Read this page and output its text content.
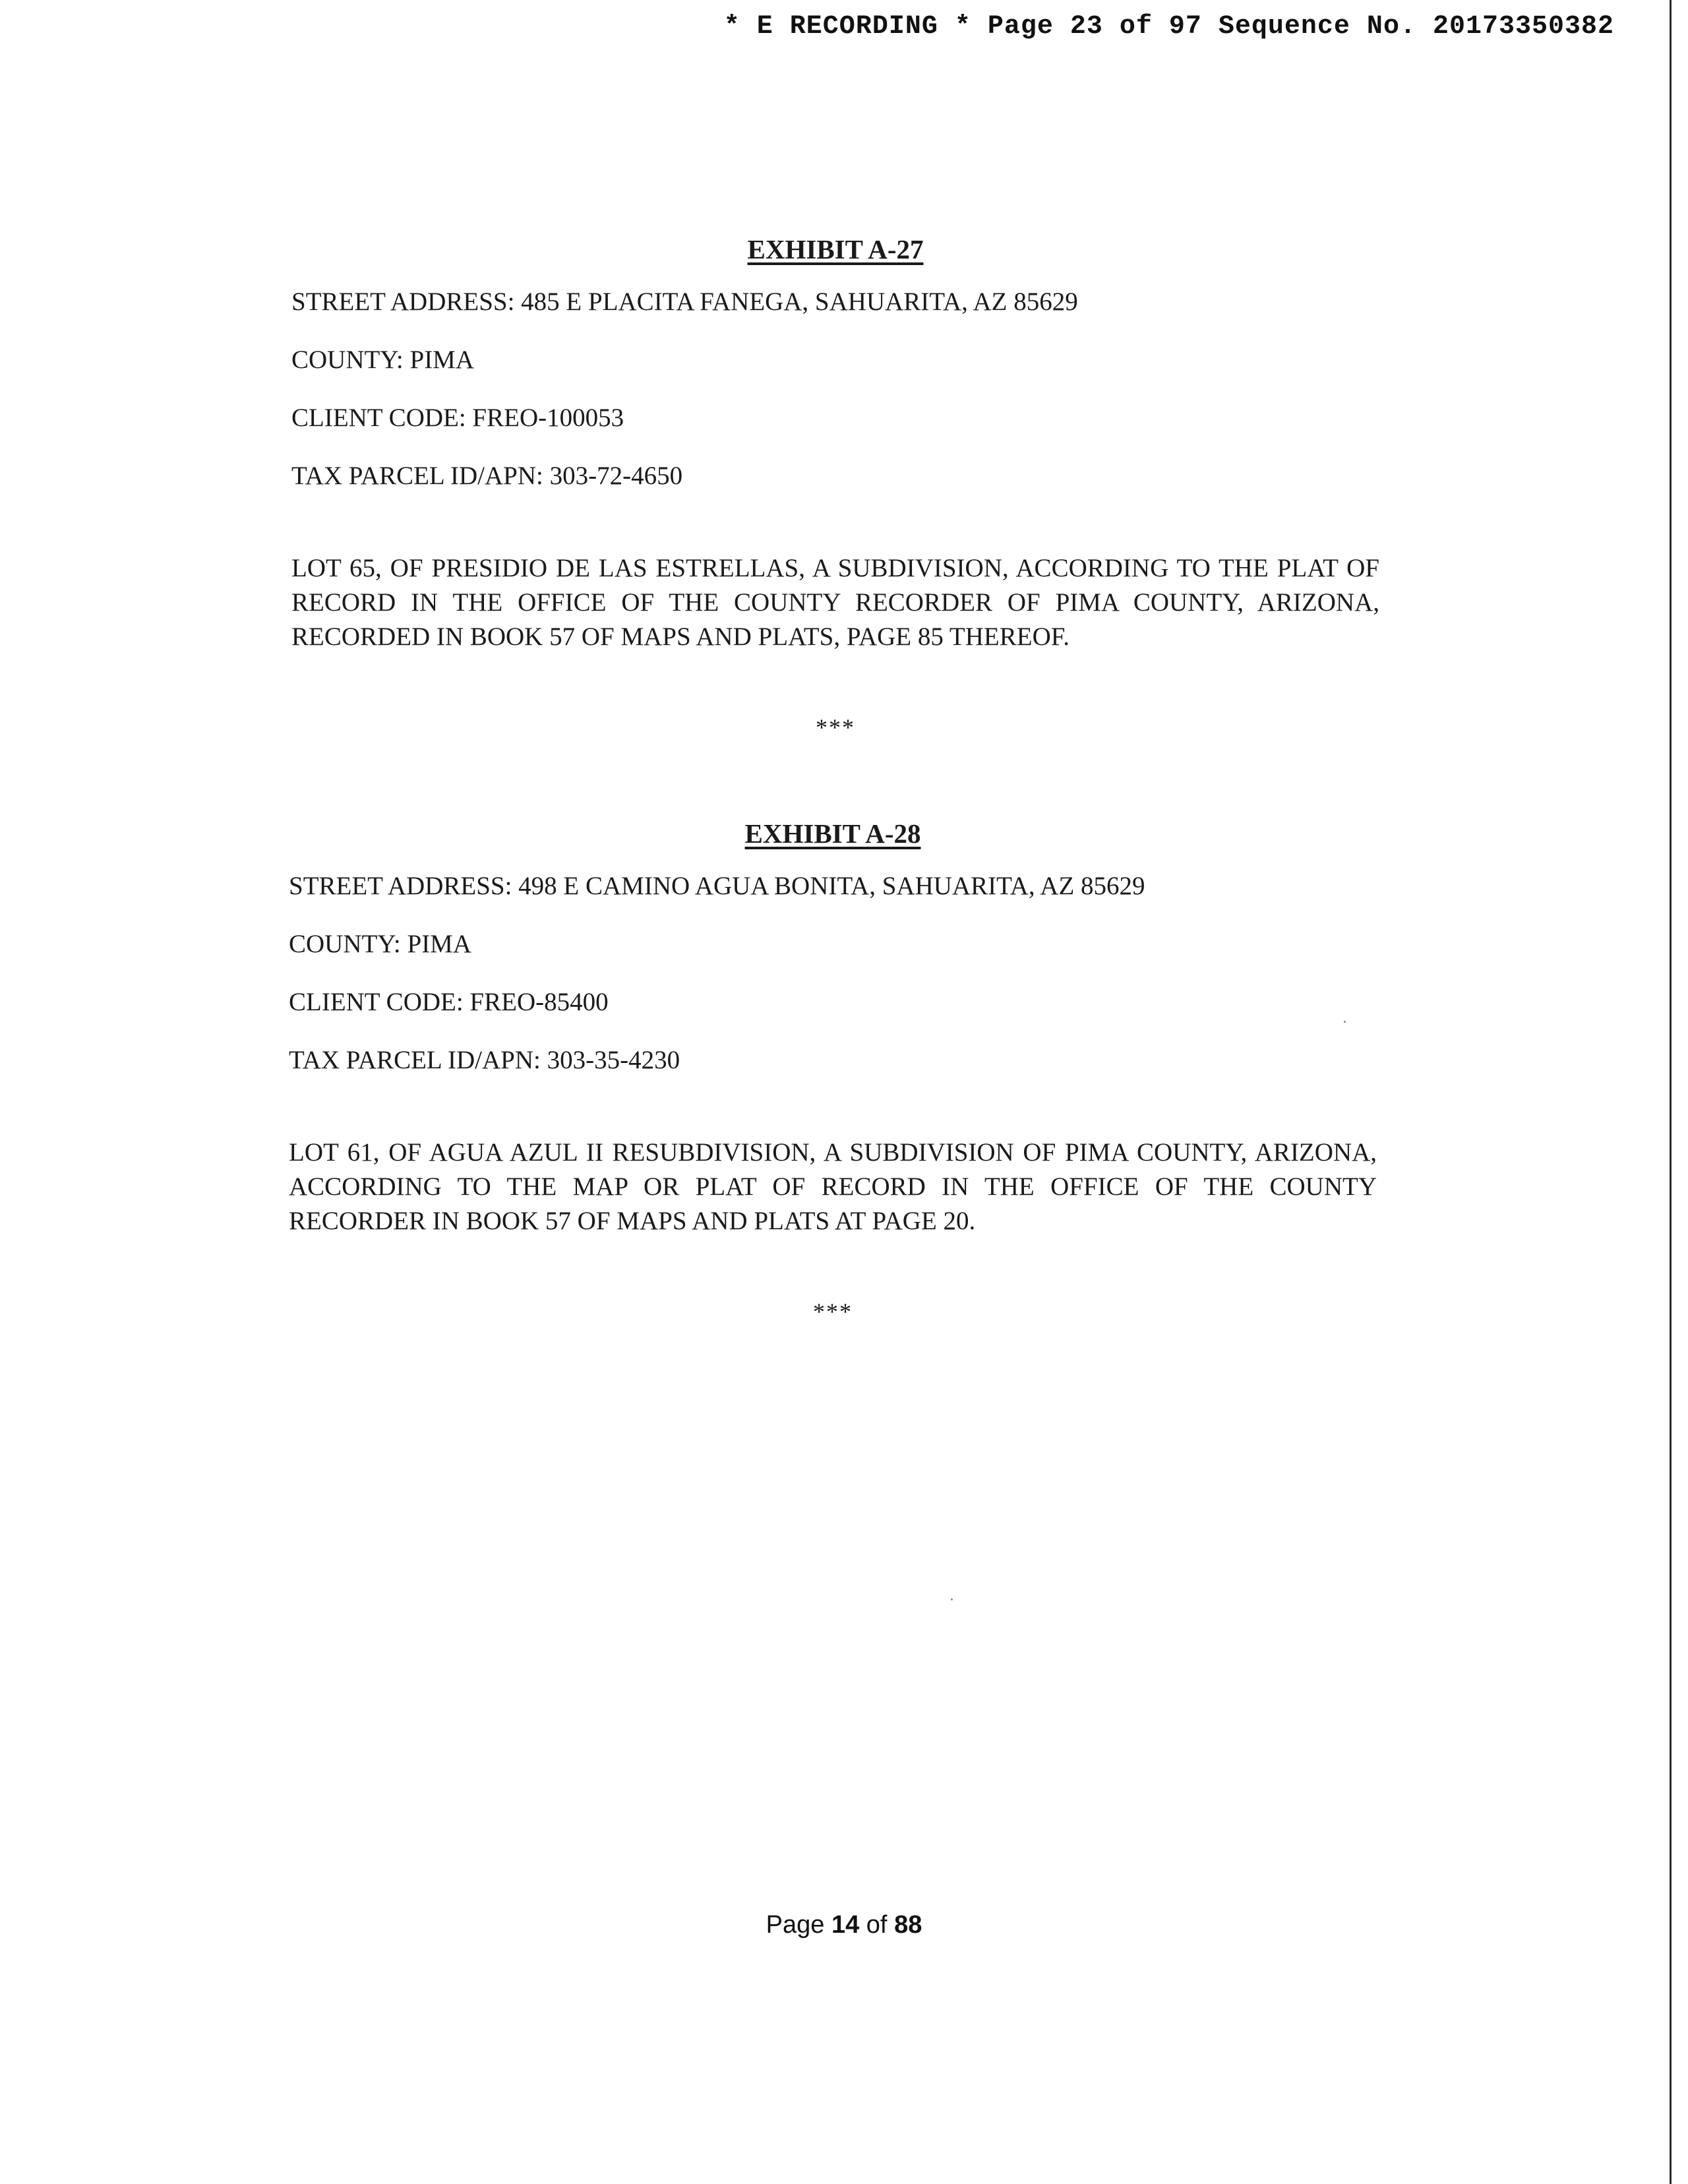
* E RECORDING * Page 23 of 97 Sequence No. 20173350382
EXHIBIT A-27
STREET ADDRESS: 485 E PLACITA FANEGA, SAHUARITA, AZ 85629
COUNTY: PIMA
CLIENT CODE: FREO-100053
TAX PARCEL ID/APN: 303-72-4650
LOT 65, OF PRESIDIO DE LAS ESTRELLAS, A SUBDIVISION, ACCORDING TO THE PLAT OF RECORD IN THE OFFICE OF THE COUNTY RECORDER OF PIMA COUNTY, ARIZONA, RECORDED IN BOOK 57 OF MAPS AND PLATS, PAGE 85 THEREOF.
***
EXHIBIT A-28
STREET ADDRESS: 498 E CAMINO AGUA BONITA, SAHUARITA, AZ 85629
COUNTY: PIMA
CLIENT CODE: FREO-85400
TAX PARCEL ID/APN: 303-35-4230
LOT 61, OF AGUA AZUL II RESUBDIVISION, A SUBDIVISION OF PIMA COUNTY, ARIZONA, ACCORDING TO THE MAP OR PLAT OF RECORD IN THE OFFICE OF THE COUNTY RECORDER IN BOOK 57 OF MAPS AND PLATS AT PAGE 20.
***
Page 14 of 88
